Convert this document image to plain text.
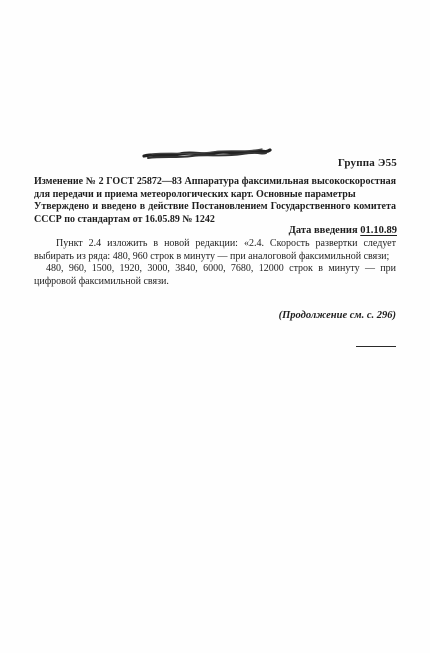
Группа Э55
Изменение № 2 ГОСТ 25872—83 Аппаратура факсимильная высокоскоростная для передачи и приема метеорологических карт. Основные параметры
Утверждено и введено в действие Постановлением Государственного комитета СССР по стандартам от 16.05.89 № 1242
Дата введения 01.10.89
Пункт 2.4 изложить в новой редакции: «2.4. Скорость развертки следует выбирать из ряда: 480, 960 строк в минуту — при аналоговой факсимильной связи;
480, 960, 1500, 1920, 3000, 3840, 6000, 7680, 12000 строк в минуту — при цифровой факсимильной связи.
(Продолжение см. с. 296)
